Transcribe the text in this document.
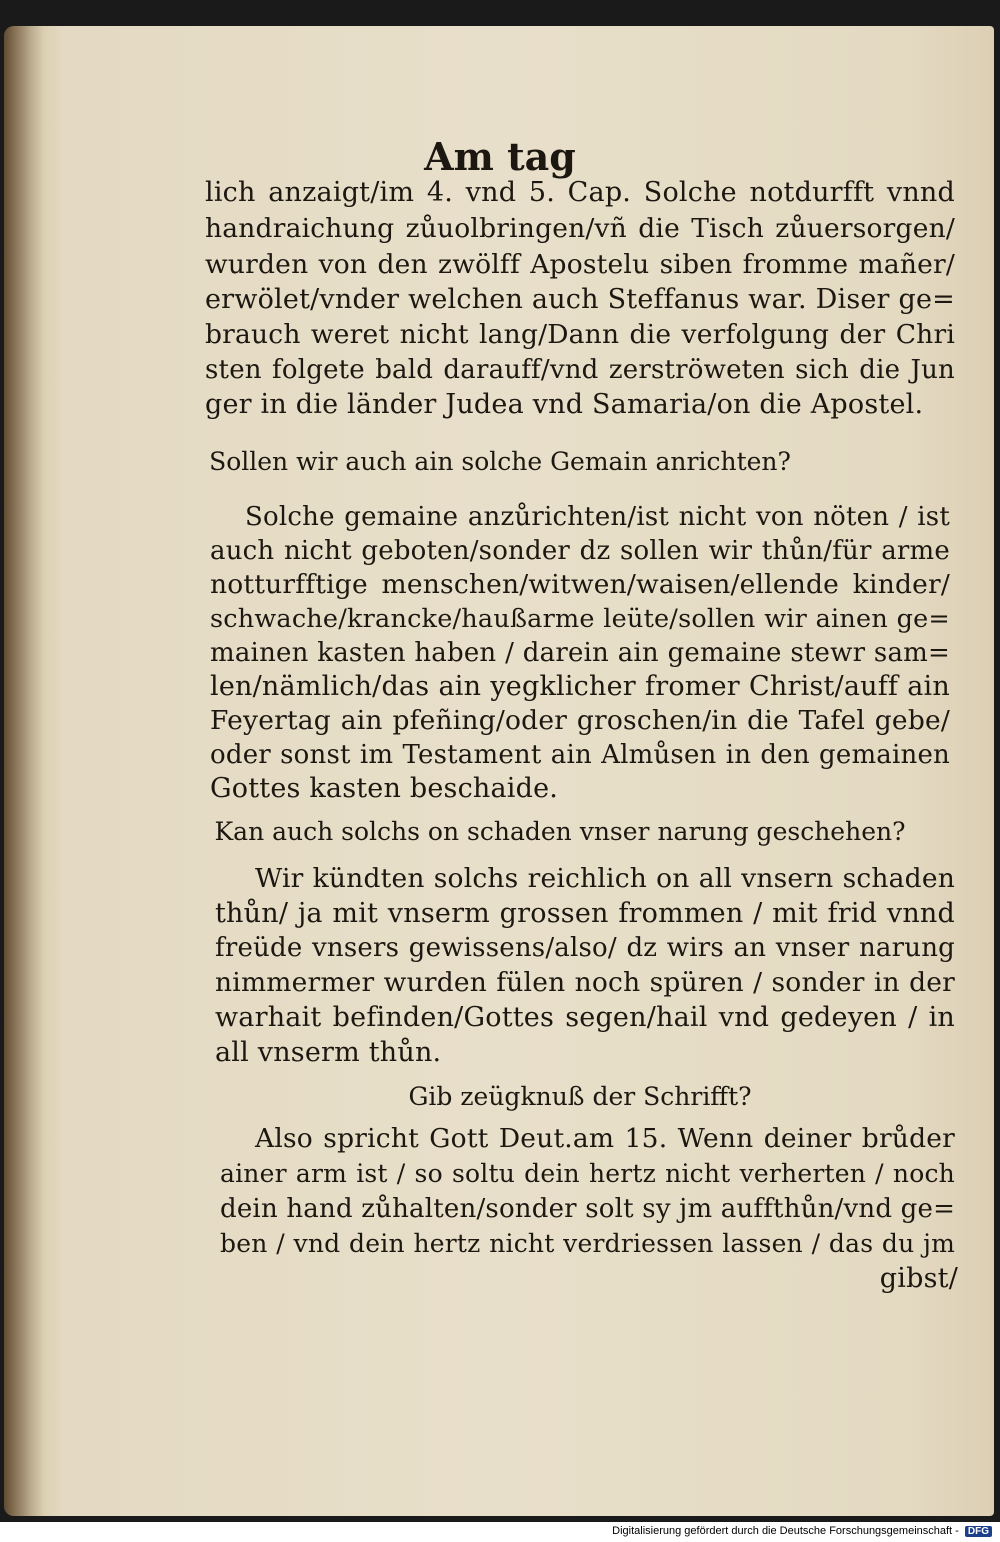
Am tag
lich anzaigt/im 4. vnd 5. Cap. Solche notdurfft vnnd
handraichung zůuolbringen/vñ die Tisch zůuersorgen/
wurden von den zwölff Apostelu siben fromme mañer/
erwölet/vnder welchen auch Steffanus war. Diser ge=
brauch weret nicht lang/Dann die verfolgung der Chri
sten folgete bald darauff/vnd zerströweten sich die Jun
ger in die länder Judea vnd Samaria/on die Apostel.
Sollen wir auch ain solche Gemain anrichten?
Solche gemaine anzůrichten/ist nicht von nöten / ist
auch nicht geboten/sonder dz sollen wir thůn/für arme
notturfftige menschen/witwen/waisen/ellende kinder/
schwache/krancke/haußarme leüte/sollen wir ainen ge=
mainen kasten haben / darein ain gemaine stewr sam=
len/nämlich/das ain yegklicher fromer Christ/auff ain
Feyertag ain pfeñing/oder groschen/in die Tafel gebe/
oder sonst im Testament ain Almůsen in den gemainen
Gottes kasten beschaide.
Kan auch solchs on schaden vnser narung geschehen?
Wir kündten solchs reichlich on all vnsern schaden
thůn/ ja mit vnserm grossen frommen / mit frid vnnd
freüde vnsers gewissens/also/ dz wirs an vnser narung
nimmermer wurden fülen noch spüren / sonder in der
warhait befinden/Gottes segen/hail vnd gedeyen / in
all vnserm thůn.
Gib zeügknuß der Schrifft?
Also spricht Gott Deut.am 15. Wenn deiner brůder
ainer arm ist / so soltu dein hertz nicht verherten / noch
dein hand zůhalten/sonder solt sy jm auffthůn/vnd ge=
ben / vnd dein hertz nicht verdriessen lassen / das du jm
gibst/
Digitalisierung gefördert durch die Deutsche Forschungsgemeinschaft - DFG
